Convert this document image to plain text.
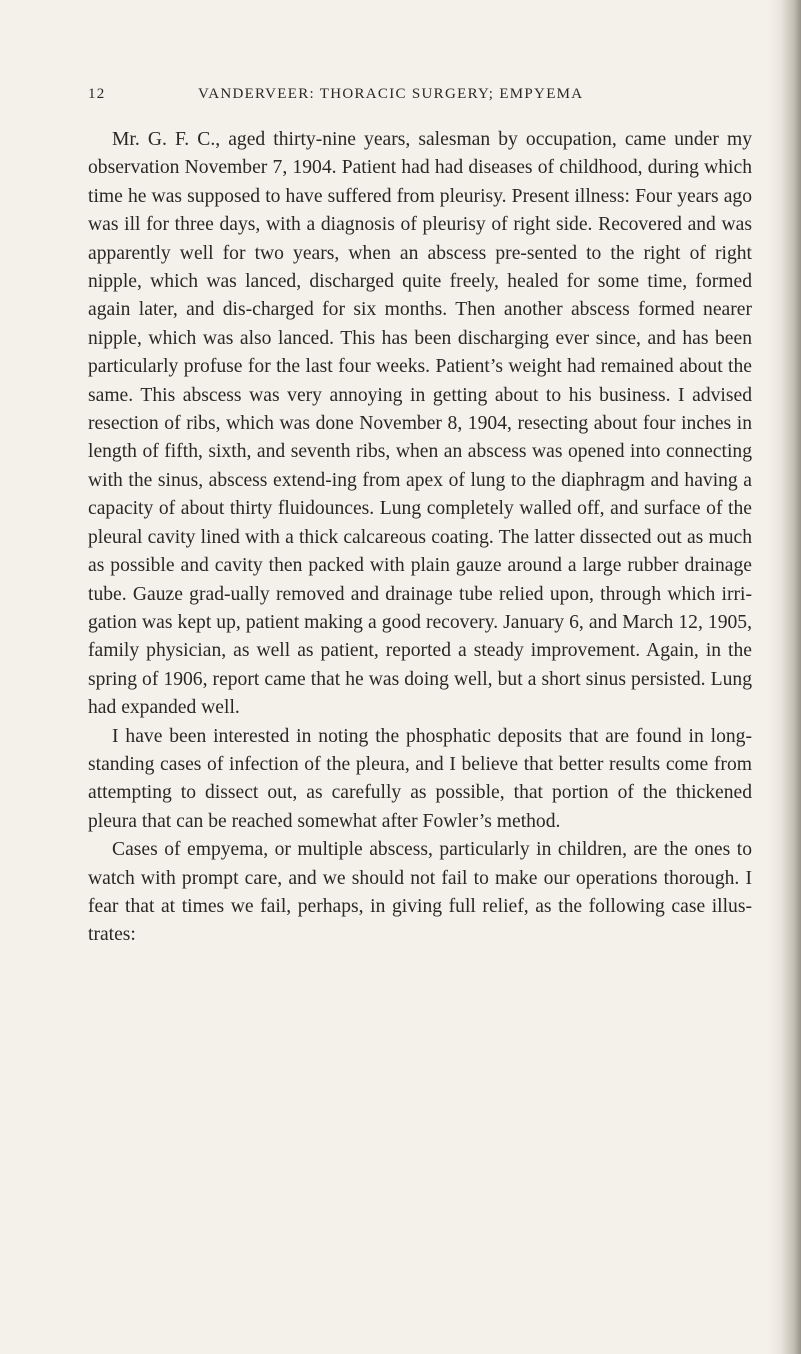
12	VANDERVEER: THORACIC SURGERY; EMPYEMA

Mr. G. F. C., aged thirty-nine years, salesman by occupation, came under my observation November 7, 1904. Patient had had diseases of childhood, during which time he was supposed to have suffered from pleurisy. Present illness: Four years ago was ill for three days, with a diagnosis of pleurisy of right side. Recovered and was apparently well for two years, when an abscess pre-sented to the right of right nipple, which was lanced, discharged quite freely, healed for some time, formed again later, and dis-charged for six months. Then another abscess formed nearer nipple, which was also lanced. This has been discharging ever since, and has been particularly profuse for the last four weeks. Patient’s weight had remained about the same. This abscess was very annoying in getting about to his business. I advised resection of ribs, which was done November 8, 1904, resecting about four inches in length of fifth, sixth, and seventh ribs, when an abscess was opened into connecting with the sinus, abscess extend-ing from apex of lung to the diaphragm and having a capacity of about thirty fluidounces. Lung completely walled off, and surface of the pleural cavity lined with a thick calcareous coating. The latter dissected out as much as possible and cavity then packed with plain gauze around a large rubber drainage tube. Gauze grad-ually removed and drainage tube relied upon, through which irri-gation was kept up, patient making a good recovery. January 6, and March 12, 1905, family physician, as well as patient, reported a steady improvement. Again, in the spring of 1906, report came that he was doing well, but a short sinus persisted. Lung had expanded well.

I have been interested in noting the phosphatic deposits that are found in long-standing cases of infection of the pleura, and I believe that better results come from attempting to dissect out, as carefully as possible, that portion of the thickened pleura that can be reached somewhat after Fowler’s method.

Cases of empyema, or multiple abscess, particularly in children, are the ones to watch with prompt care, and we should not fail to make our operations thorough. I fear that at times we fail, perhaps, in giving full relief, as the following case illus-trates:
